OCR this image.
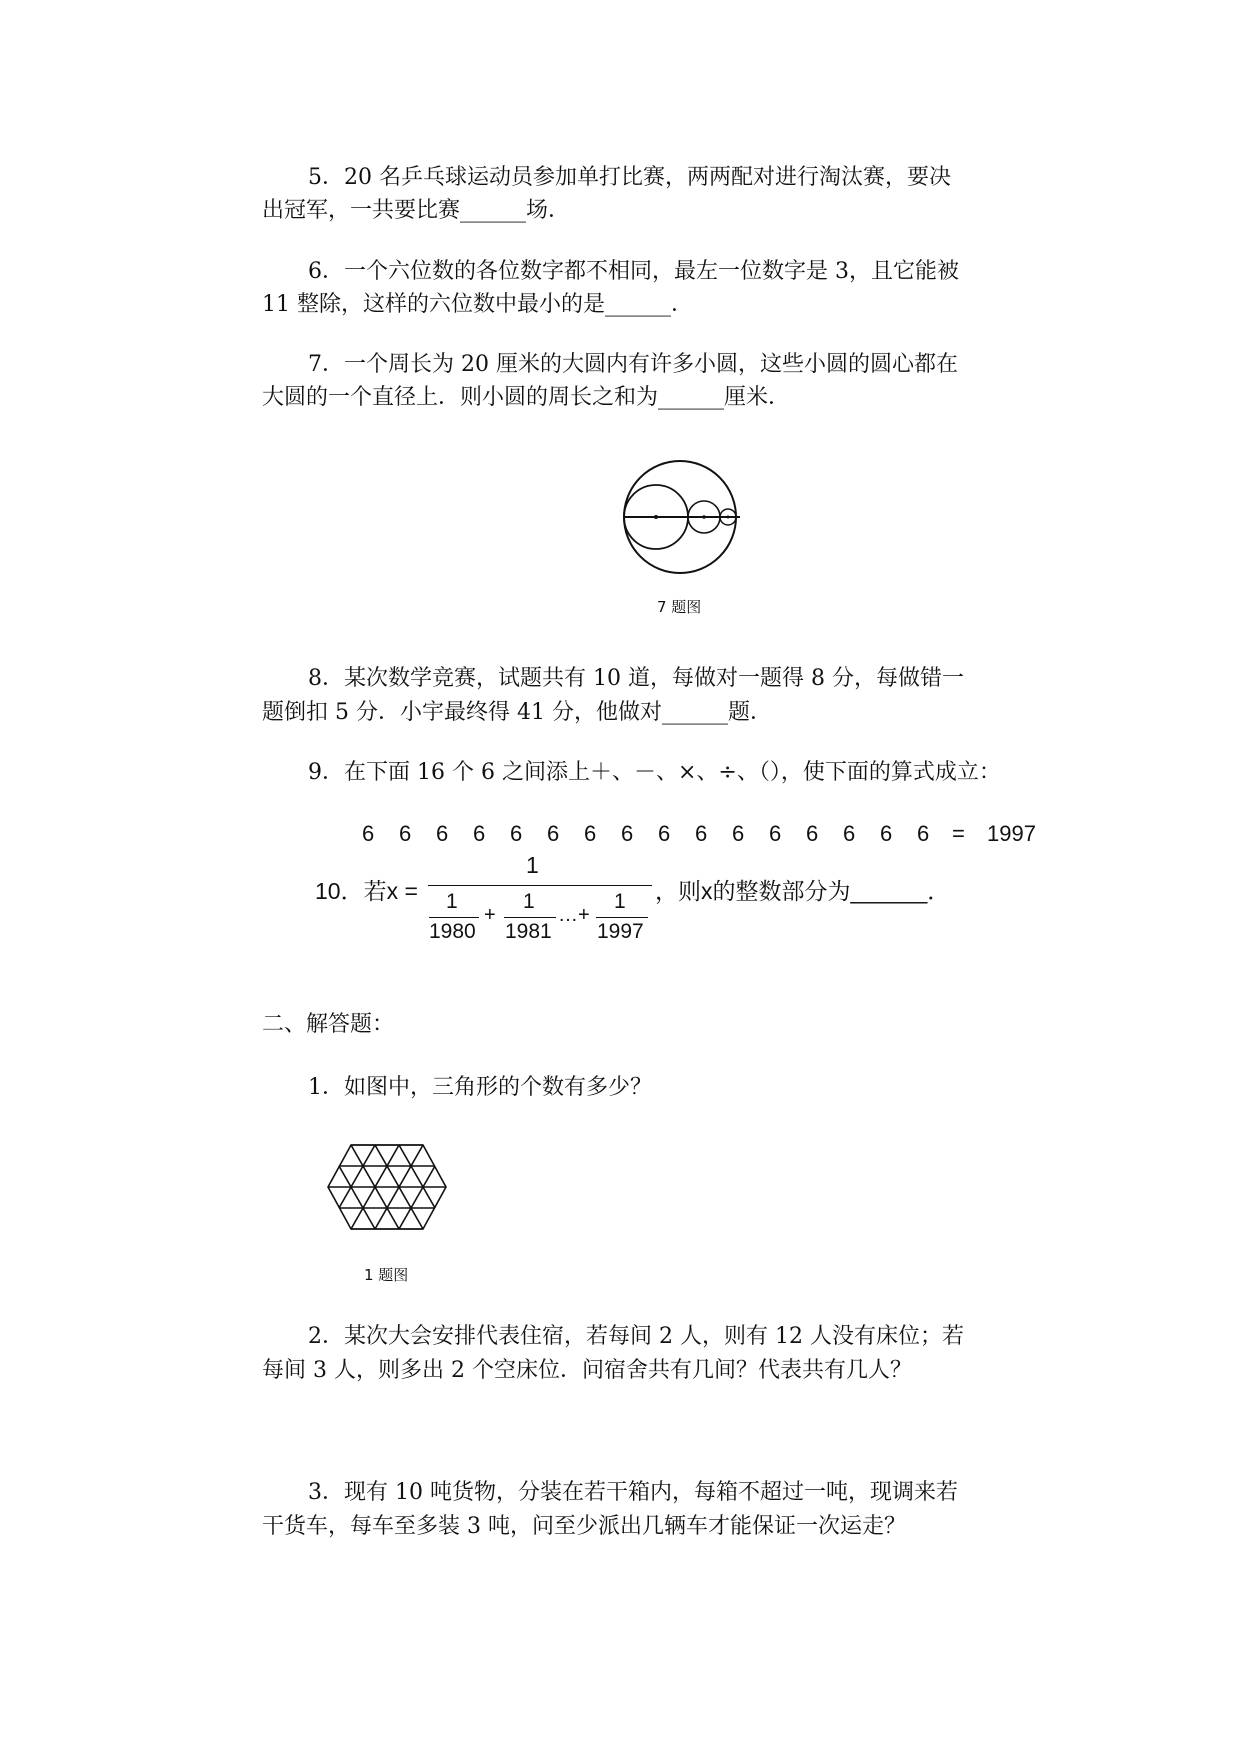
5．20 名乒乓球运动员参加单打比赛，两两配对进行淘汰赛，要决
出冠军，一共要比赛______场．
6．一个六位数的各位数字都不相同，最左一位数字是 3，且它能被
11 整除，这样的六位数中最小的是______．
7．一个周长为 20 厘米的大圆内有许多小圆，这些小圆的圆心都在
大圆的一个直径上．则小圆的周长之和为______厘米．
7 题图
8．某次数学竞赛，试题共有 10 道，每做对一题得 8 分，每做错一
题倒扣 5 分．小宇最终得 41 分，他做对______题．
9．在下面 16 个 6 之间添上＋、－、×、÷、（），使下面的算式成立：
6 6 6 6 6 6 6 6 6 6 6 6 6 6 6 6 = 1997
10．若x =
1
1
1980
+
1
1981
…+
1
1997
，则x的整数部分为______．
二、解答题：
1．如图中，三角形的个数有多少？
1 题图
2．某次大会安排代表住宿，若每间 2 人，则有 12 人没有床位；若
每间 3 人，则多出 2 个空床位．问宿舍共有几间？代表共有几人？
3．现有 10 吨货物，分装在若干箱内，每箱不超过一吨，现调来若
干货车，每车至多装 3 吨，问至少派出几辆车才能保证一次运走？
